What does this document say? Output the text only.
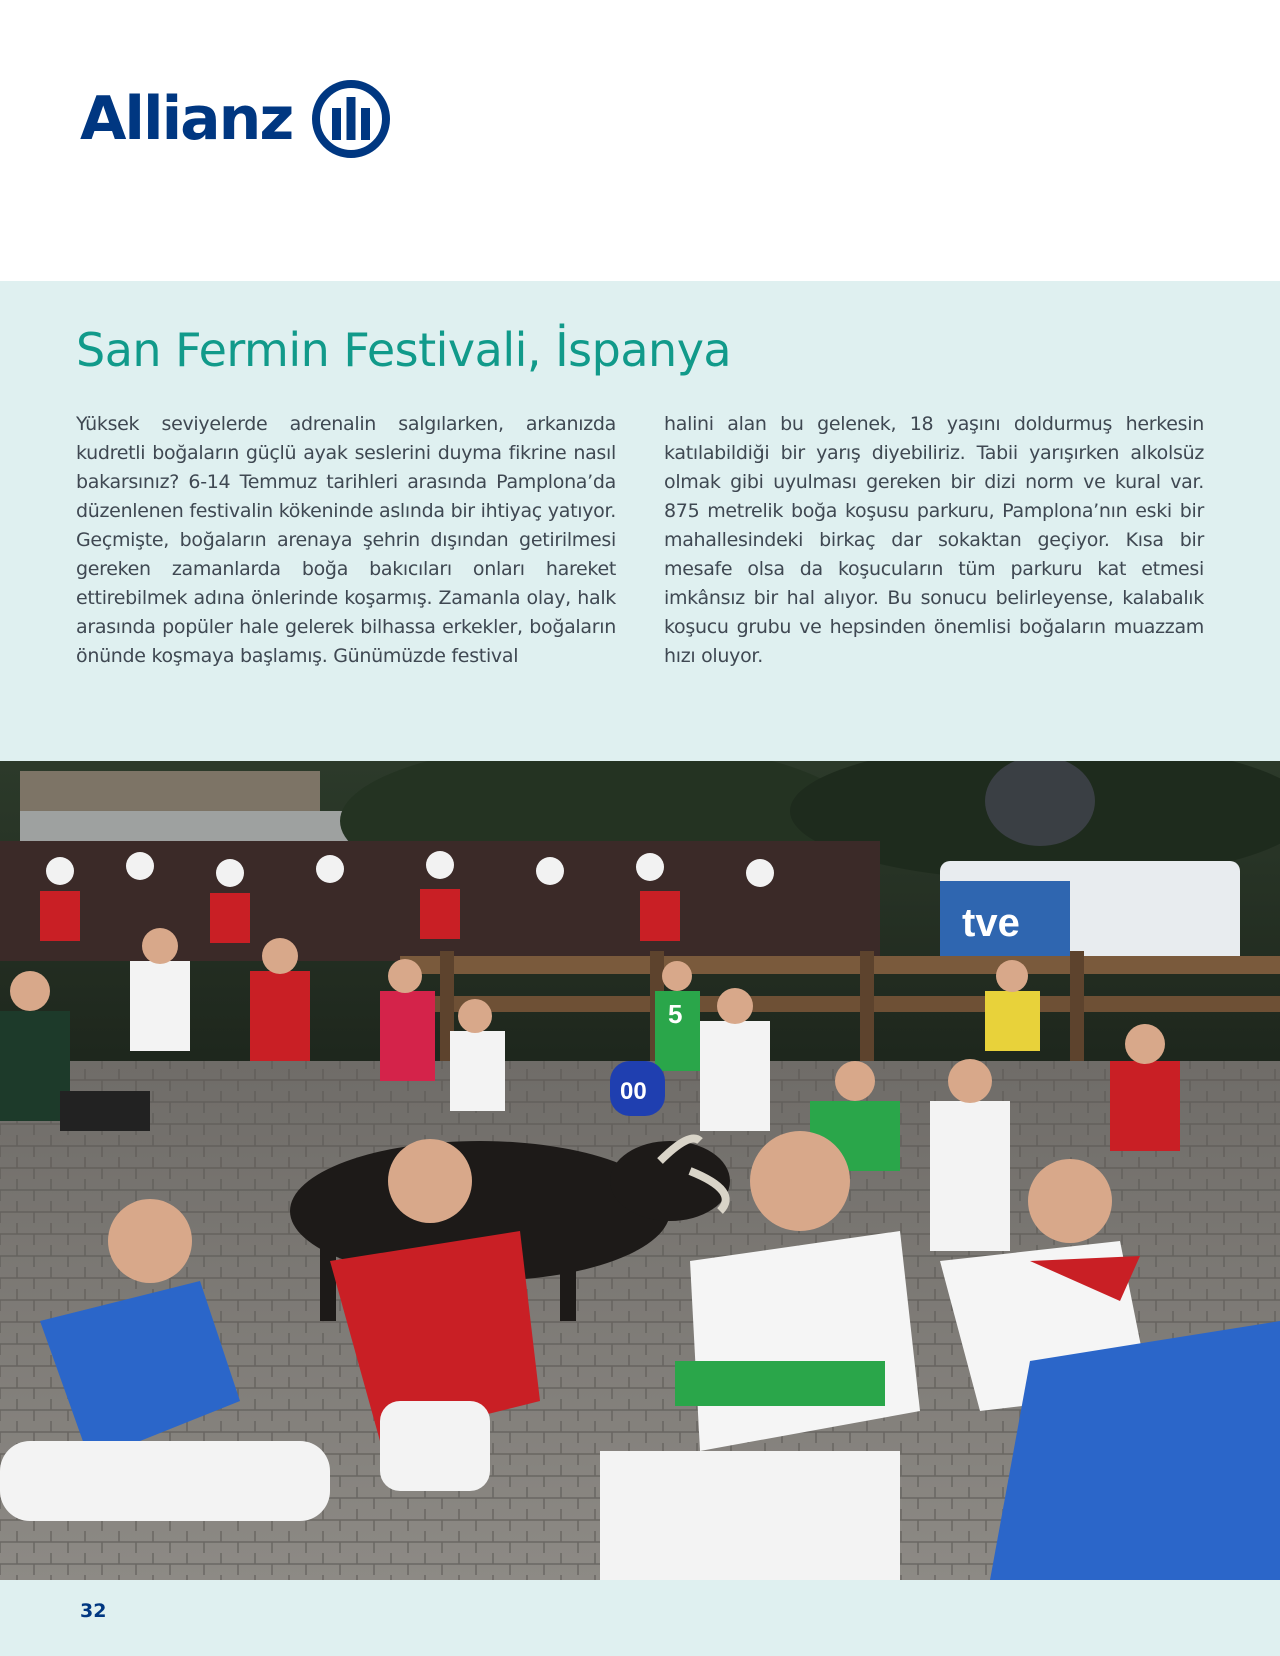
Allianz
San Fermin Festivali, İspanya

Yüksek seviyelerde adrenalin salgılarken, arkanızda kudretli boğaların güçlü ayak seslerini duyma fikrine nasıl bakarsınız? 6-14 Temmuz tarihleri arasında Pamplona’da düzenlenen festivalin kökeninde aslında bir ihtiyaç yatıyor. Geçmişte, boğaların arenaya şehrin dışından getirilmesi gereken zamanlarda boğa bakıcıları onları hareket ettirebilmek adına önlerinde koşarmış. Zamanla olay, halk arasında popüler hale gelerek bilhassa erkekler, boğaların önünde koşmaya başlamış. Günümüzde festival

halini alan bu gelenek, 18 yaşını doldurmuş herkesin katılabildiği bir yarış diyebiliriz. Tabii yarışırken alkolsüz olmak gibi uyulması gereken bir dizi norm ve kural var. 875 metrelik boğa koşusu parkuru, Pamplona’nın eski bir mahallesindeki birkaç dar sokaktan geçiyor. Kısa bir mesafe olsa da koşucuların tüm parkuru kat etmesi imkânsız bir hal alıyor. Bu sonucu belirleyense, kalabalık koşucu grubu ve hepsinden önemlisi boğaların muazzam hızı oluyor.

tve
5
00
32
